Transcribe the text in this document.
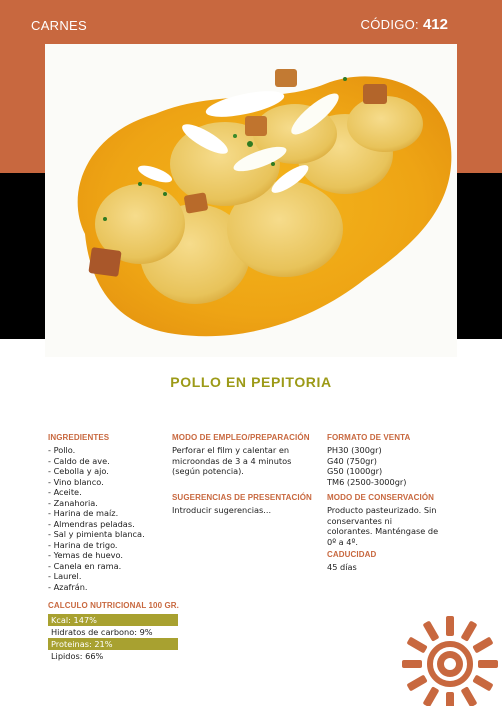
CARNES	CÓDIGO: 412
POLLO EN PEPITORIA
INGREDIENTES
- Pollo.
- Caldo de ave.
- Cebolla y ajo.
- Vino blanco.
- Aceite.
- Zanahoria.
- Harina de maíz.
- Almendras peladas.
- Sal y pimienta blanca.
- Harina de trigo.
- Yemas de huevo.
- Canela en rama.
- Laurel.
- Azafrán.
MODO DE EMPLEO/PREPARACIÓN
Perforar el film y calentar en microondas de 3 a 4 minutos (según potencia).
SUGERENCIAS DE PRESENTACIÓN
Introducir sugerencias...
FORMATO DE VENTA
PH30 (300gr)
G40 (750gr)
G50 (1000gr)
TM6 (2500-3000gr)
MODO DE CONSERVACIÓN
Producto pasteurizado. Sin conservantes ni colorantes. Manténgase de 0º a 4º.
CADUCIDAD
45 días
CALCULO NUTRICIONAL 100 GR.
Kcal: 147%
Hidratos de carbono: 9%
Proteinas: 21%
Lipidos: 66%
